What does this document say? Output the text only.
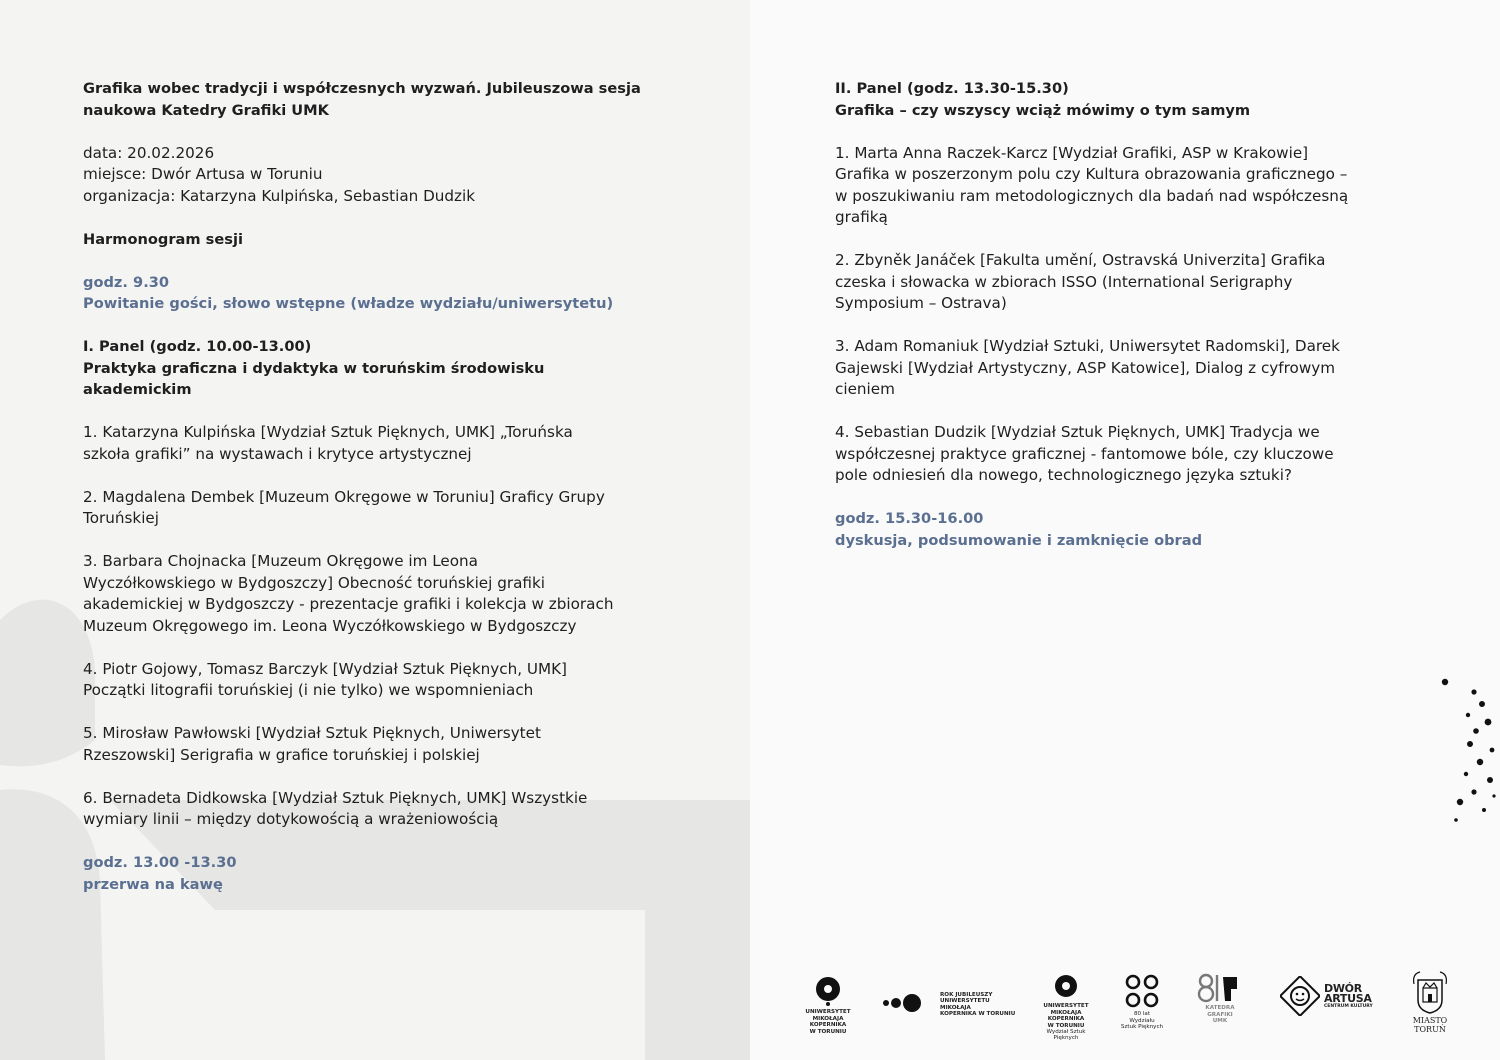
Grafika wobec tradycji i współczesnych wyzwań. Jubileuszowa sesja
naukowa Katedry Grafiki UMK
data: 20.02.2026
miejsce: Dwór Artusa w Toruniu
organizacja: Katarzyna Kulpińska, Sebastian Dudzik
Harmonogram sesji
godz. 9.30
Powitanie gości, słowo wstępne (władze wydziału/uniwersytetu)
I. Panel (godz. 10.00-13.00)
Praktyka graficzna i dydaktyka w toruńskim środowisku
akademickim
1. Katarzyna Kulpińska [Wydział Sztuk Pięknych, UMK] „Toruńska
szkoła grafiki” na wystawach i krytyce artystycznej
2. Magdalena Dembek [Muzeum Okręgowe w Toruniu] Graficy Grupy
Toruńskiej
3. Barbara Chojnacka [Muzeum Okręgowe im Leona
Wyczółkowskiego w Bydgoszczy] Obecność toruńskiej grafiki
akademickiej w Bydgoszczy - prezentacje grafiki i kolekcja w zbiorach
Muzeum Okręgowego im. Leona Wyczółkowskiego w Bydgoszczy
4. Piotr Gojowy, Tomasz Barczyk [Wydział Sztuk Pięknych, UMK]
Początki litografii toruńskiej (i nie tylko) we wspomnieniach
5. Mirosław Pawłowski [Wydział Sztuk Pięknych, Uniwersytet
Rzeszowski] Serigrafia w grafice toruńskiej i polskiej
6. Bernadeta Didkowska [Wydział Sztuk Pięknych, UMK] Wszystkie
wymiary linii – między dotykowością a wrażeniowością
godz. 13.00 -13.30
przerwa na kawę
II. Panel (godz. 13.30-15.30)
Grafika – czy wszyscy wciąż mówimy o tym samym
1. Marta Anna Raczek-Karcz [Wydział Grafiki, ASP w Krakowie]
Grafika w poszerzonym polu czy Kultura obrazowania graficznego –
w poszukiwaniu ram metodologicznych dla badań nad współczesną
grafiką
2. Zbyněk Janáček [Fakulta umění, Ostravská Univerzita] Grafika
czeska i słowacka w zbiorach ISSO (International Serigraphy
Symposium – Ostrava)
3. Adam Romaniuk [Wydział Sztuki, Uniwersytet Radomski], Darek
Gajewski [Wydział Artystyczny, ASP Katowice], Dialog z cyfrowym
cieniem
4. Sebastian Dudzik [Wydział Sztuk Pięknych, UMK] Tradycja we
współczesnej praktyce graficznej - fantomowe bóle, czy kluczowe
pole odniesień dla nowego, technologicznego języka sztuki?
godz. 15.30-16.00
dyskusja, podsumowanie i zamknięcie obrad
UNIWERSYTET
MIKOŁAJA KOPERNIKA
W TORUNIU
ROK JUBILEUSZY
UNIWERSYTETU MIKOŁAJA
KOPERNIKA W TORUNIU
UNIWERSYTET
MIKOŁAJA KOPERNIKA
W TORUNIU
Wydział Sztuk Pięknych
80 lat
Wydziału
Sztuk Pięknych
KATEDRA
GRAFIKI
UMK
DWÓR
ARTUSA
CENTRUM KULTURY
MIASTO
TORUŃ
